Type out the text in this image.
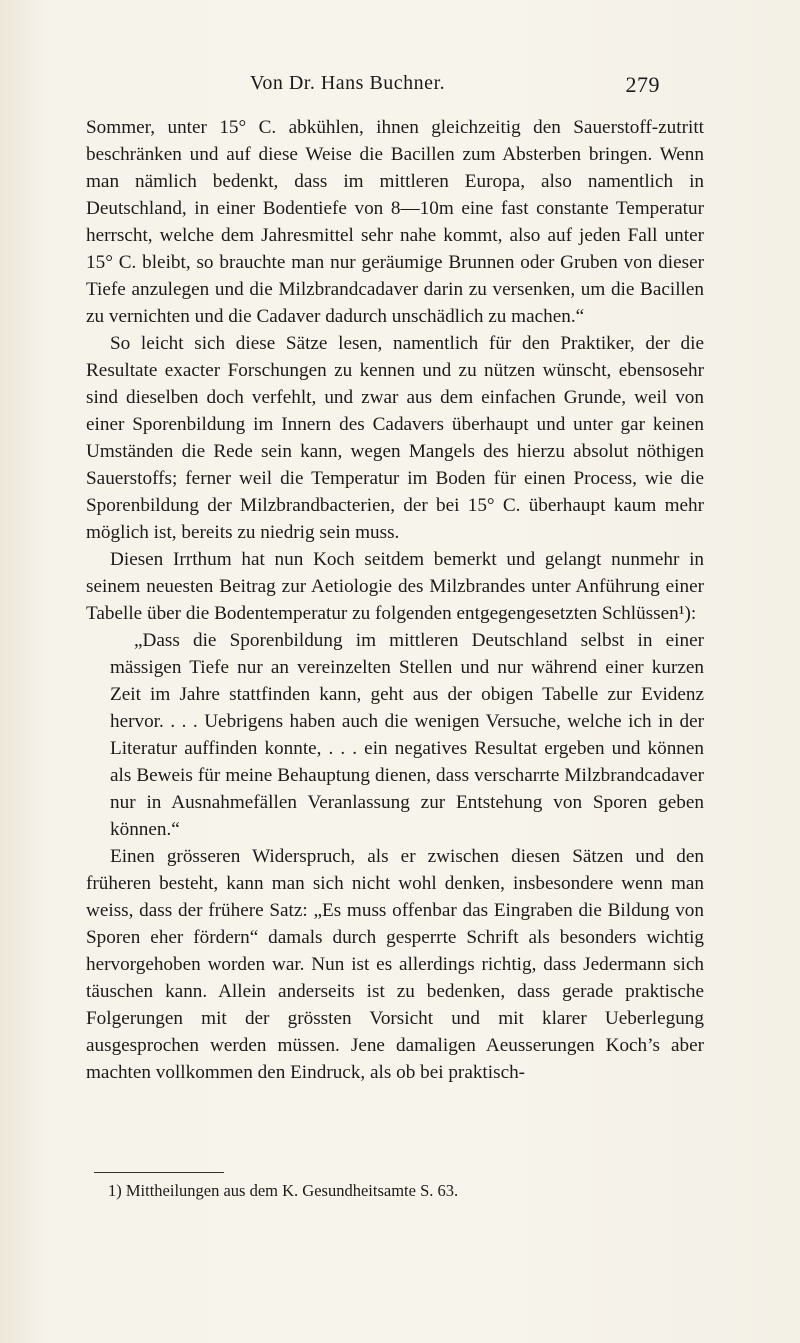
Von Dr. Hans Buchner.	279

Sommer, unter 15° C. abkühlen, ihnen gleichzeitig den Sauerstoff-zutritt beschränken und auf diese Weise die Bacillen zum Absterben bringen. Wenn man nämlich bedenkt, dass im mittleren Europa, also namentlich in Deutschland, in einer Bodentiefe von 8—10m eine fast constante Temperatur herrscht, welche dem Jahresmittel sehr nahe kommt, also auf jeden Fall unter 15° C. bleibt, so brauchte man nur geräumige Brunnen oder Gruben von dieser Tiefe anzulegen und die Milzbrandcadaver darin zu versenken, um die Bacillen zu vernichten und die Cadaver dadurch unschädlich zu machen.“

So leicht sich diese Sätze lesen, namentlich für den Praktiker, der die Resultate exacter Forschungen zu kennen und zu nützen wünscht, ebensosehr sind dieselben doch verfehlt, und zwar aus dem einfachen Grunde, weil von einer Sporenbildung im Innern des Cadavers überhaupt und unter gar keinen Umständen die Rede sein kann, wegen Mangels des hierzu absolut nöthigen Sauerstoffs; ferner weil die Temperatur im Boden für einen Process, wie die Sporenbildung der Milzbrandbacterien, der bei 15° C. überhaupt kaum mehr möglich ist, bereits zu niedrig sein muss.

Diesen Irrthum hat nun Koch seitdem bemerkt und gelangt nunmehr in seinem neuesten Beitrag zur Aetiologie des Milzbrandes unter Anführung einer Tabelle über die Bodentemperatur zu folgenden entgegengesetzten Schlüssen¹):

„Dass die Sporenbildung im mittleren Deutschland selbst in einer mässigen Tiefe nur an vereinzelten Stellen und nur während einer kurzen Zeit im Jahre stattfinden kann, geht aus der obigen Tabelle zur Evidenz hervor. . . . Uebrigens haben auch die wenigen Versuche, welche ich in der Literatur auffinden konnte, . . . ein negatives Resultat ergeben und können als Beweis für meine Behauptung dienen, dass verscharrte Milzbrandcadaver nur in Ausnahmefällen Veranlassung zur Entstehung von Sporen geben können.“

Einen grösseren Widerspruch, als er zwischen diesen Sätzen und den früheren besteht, kann man sich nicht wohl denken, insbesondere wenn man weiss, dass der frühere Satz: „Es muss offenbar das Eingraben die Bildung von Sporen eher fördern“ damals durch gesperrte Schrift als besonders wichtig hervorgehoben worden war. Nun ist es allerdings richtig, dass Jedermann sich täuschen kann. Allein anderseits ist zu bedenken, dass gerade praktische Folgerungen mit der grössten Vorsicht und mit klarer Ueberlegung ausgesprochen werden müssen. Jene damaligen Aeusserungen Koch’s aber machten vollkommen den Eindruck, als ob bei praktisch-

1) Mittheilungen aus dem K. Gesundheitsamte S. 63.
